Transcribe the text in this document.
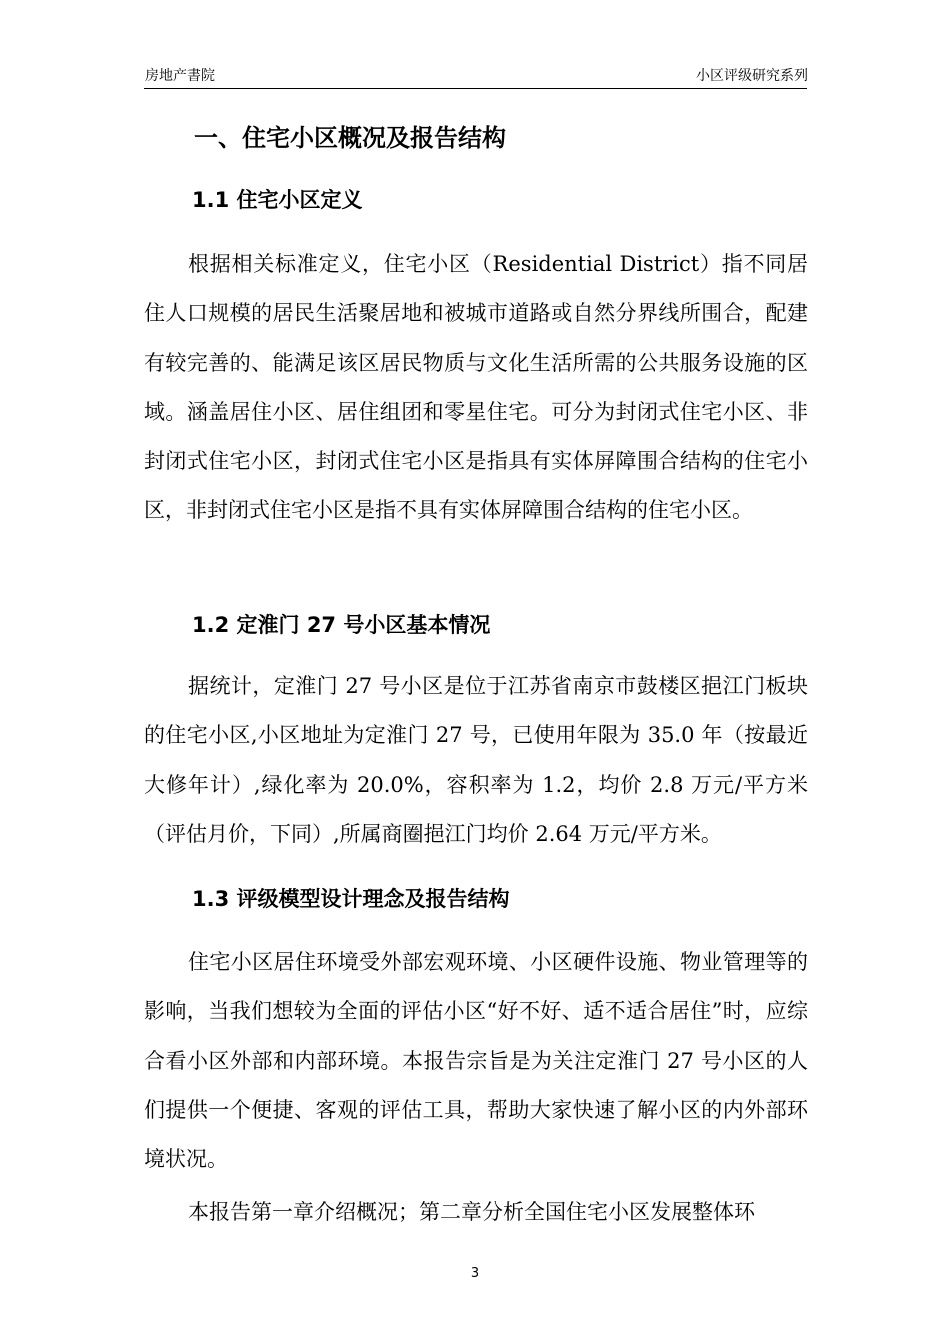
房地产書院	小区评级研究系列
一、住宅小区概况及报告结构
1.1 住宅小区定义

根据相关标准定义，住宅小区（Residential District）指不同居住人口规模的居民生活聚居地和被城市道路或自然分界线所围合，配建有较完善的、能满足该区居民物质与文化生活所需的公共服务设施的区域。涵盖居住小区、居住组团和零星住宅。可分为封闭式住宅小区、非封闭式住宅小区，封闭式住宅小区是指具有实体屏障围合结构的住宅小区，非封闭式住宅小区是指不具有实体屏障围合结构的住宅小区。

1.2 定淮门 27 号小区基本情况

据统计，定淮门 27 号小区是位于江苏省南京市鼓楼区挹江门板块的住宅小区,小区地址为定淮门 27 号，已使用年限为 35.0 年（按最近大修年计）,绿化率为 20.0%，容积率为 1.2，均价 2.8 万元/平方米（评估月价，下同）,所属商圈挹江门均价 2.64 万元/平方米。

1.3 评级模型设计理念及报告结构

住宅小区居住环境受外部宏观环境、小区硬件设施、物业管理等的影响，当我们想较为全面的评估小区“好不好、适不适合居住”时，应综合看小区外部和内部环境。本报告宗旨是为关注定淮门 27 号小区的人们提供一个便捷、客观的评估工具，帮助大家快速了解小区的内外部环境状况。

本报告第一章介绍概况；第二章分析全国住宅小区发展整体环

3
